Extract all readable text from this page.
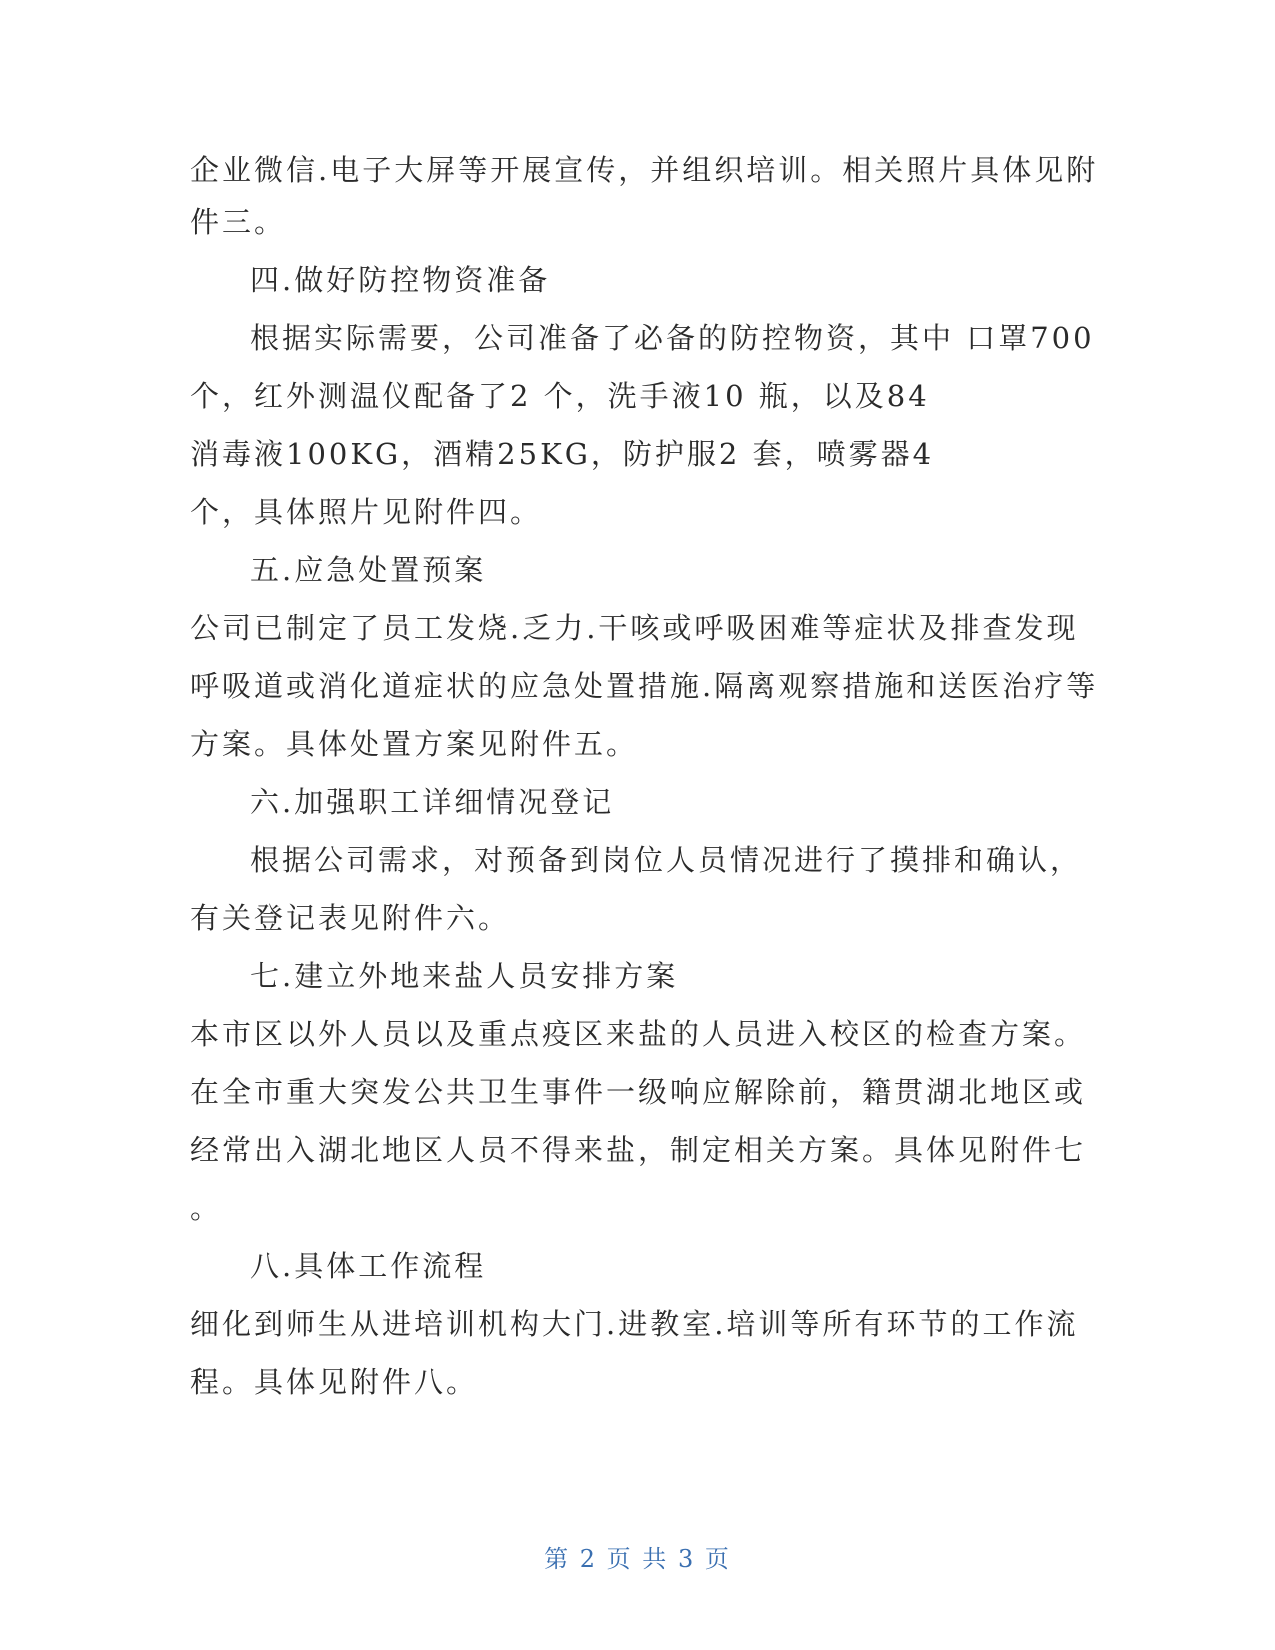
企业微信.电子大屏等开展宣传，并组织培训。相关照片具体见附
件三。
四.做好防控物资准备
根据实际需要，公司准备了必备的防控物资，其中 口罩700
个，红外测温仪配备了2 个，洗手液10 瓶，以及84
消毒液100KG，酒精25KG，防护服2 套，喷雾器4
个，具体照片见附件四。
五.应急处置预案
公司已制定了员工发烧.乏力.干咳或呼吸困难等症状及排查发现
呼吸道或消化道症状的应急处置措施.隔离观察措施和送医治疗等
方案。具体处置方案见附件五。
六.加强职工详细情况登记
根据公司需求，对预备到岗位人员情况进行了摸排和确认，
有关登记表见附件六。
七.建立外地来盐人员安排方案
本市区以外人员以及重点疫区来盐的人员进入校区的检查方案。
在全市重大突发公共卫生事件一级响应解除前，籍贯湖北地区或
经常出入湖北地区人员不得来盐，制定相关方案。具体见附件七
。
八.具体工作流程
细化到师生从进培训机构大门.进教室.培训等所有环节的工作流
程。具体见附件八。
第 2 页 共 3 页
